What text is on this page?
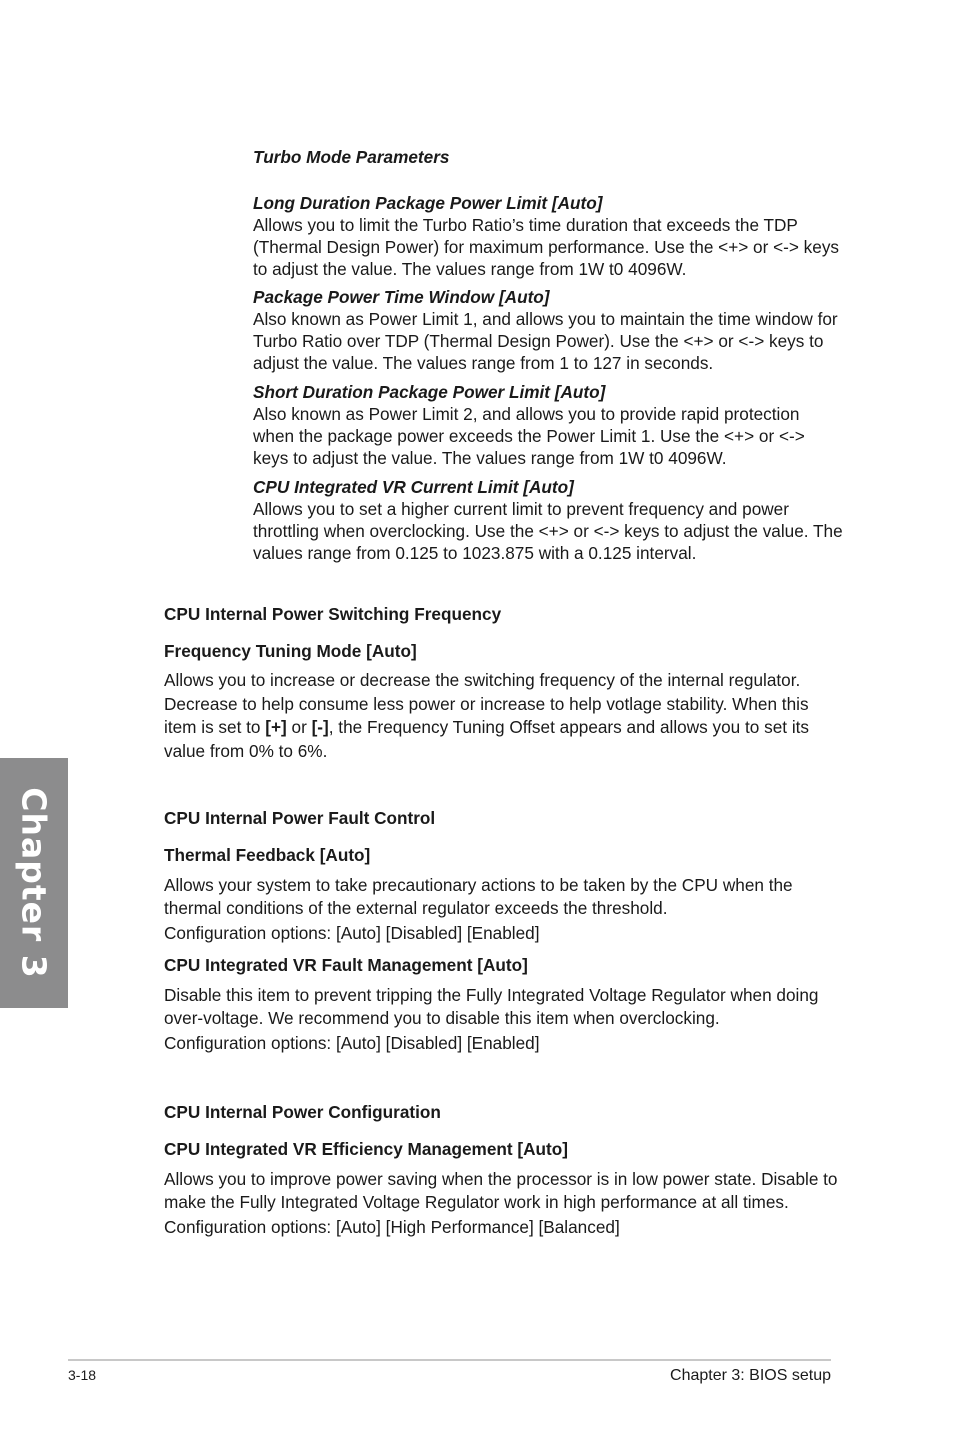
Chapter 3

Turbo Mode Parameters

Long Duration Package Power Limit [Auto]

Allows you to limit the Turbo Ratio’s time duration that exceeds the TDP (Thermal Design Power) for maximum performance. Use the <+> or <-> keys to adjust the value. The values range from 1W t0 4096W.

Package Power Time Window [Auto]

Also known as Power Limit 1, and allows you to maintain the time window for Turbo Ratio over TDP (Thermal Design Power). Use the <+> or <-> keys to adjust the value. The values range from 1 to 127 in seconds.

Short Duration Package Power Limit [Auto]

Also known as Power Limit 2, and allows you to provide rapid protection when the package power exceeds the Power Limit 1. Use the <+> or <-> keys to adjust the value. The values range from 1W t0 4096W.

CPU Integrated VR Current Limit [Auto]

Allows you to set a higher current limit to prevent frequency and power throttling when overclocking. Use the <+> or <-> keys to adjust the value. The values range from 0.125 to 1023.875 with a 0.125 interval.

CPU Internal Power Switching Frequency

Frequency Tuning Mode [Auto]

Allows you to increase or decrease the switching frequency of the internal regulator. Decrease to help consume less power or increase to help votlage stability. When this item is set to [+] or [-], the Frequency Tuning Offset appears and allows you to set its value from 0% to 6%.

CPU Internal Power Fault Control

Thermal Feedback [Auto]

Allows your system to take precautionary actions to be taken by the CPU when the thermal conditions of the external regulator exceeds the threshold.

Configuration options: [Auto] [Disabled] [Enabled]

CPU Integrated VR Fault Management [Auto]

Disable this item to prevent tripping the Fully Integrated Voltage Regulator when doing over-voltage. We recommend you to disable this item when overclocking.

Configuration options: [Auto] [Disabled] [Enabled]

CPU Internal Power Configuration

CPU Integrated VR Efficiency Management [Auto]

Allows you to improve power saving when the processor is in low power state. Disable to make the Fully Integrated Voltage Regulator work in high performance at all times.

Configuration options: [Auto] [High Performance] [Balanced]

3-18	Chapter 3: BIOS setup
